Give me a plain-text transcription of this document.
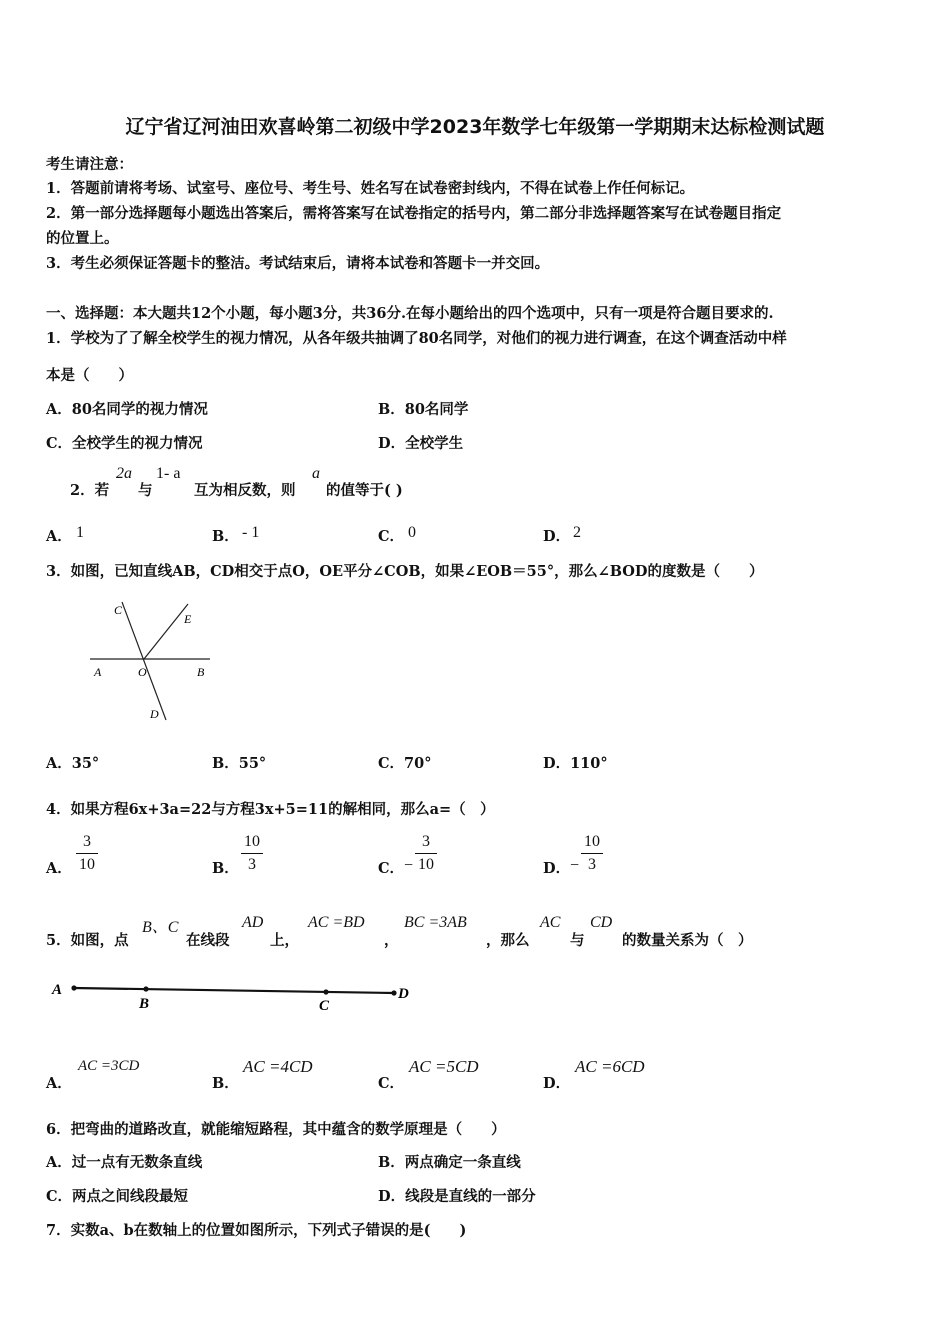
辽宁省辽河油田欢喜岭第二初级中学2023年数学七年级第一学期期末达标检测试题
考生请注意：
1．答题前请将考场、试室号、座位号、考生号、姓名写在试卷密封线内，不得在试卷上作任何标记。
2．第一部分选择题每小题选出答案后，需将答案写在试卷指定的括号内，第二部分非选择题答案写在试卷题目指定
的位置上。
3．考生必须保证答题卡的整洁。考试结束后，请将本试卷和答题卡一并交回。
一、选择题：本大题共12个小题，每小题3分，共36分.在每小题给出的四个选项中，只有一项是符合题目要求的.
1．学校为了了解全校学生的视力情况，从各年级共抽调了80名同学，对他们的视力进行调查，在这个调查活动中样
本是（　　）
A．80名同学的视力情况	B．80名同学
C．全校学生的视力情况	D．全校学生
2．若
2a
与
1- a
互为相反数，则
a
的值等于( )
A． 1	B． - 1	C． 0	D． 2
3．如图，已知直线AB，CD相交于点O，OE平分∠COB，如果∠EOB＝55°，那么∠BOD的度数是（　　）
C
E
A	O	B
D
A．35°	B．55°	C．70°	D．110°
4．如果方程6x+3a=22与方程3x+5=11的解相同，那么a=（　）
A．
3
10	B．
10
3	C． −
3
10	D． −
10
3
5．如图，点
B、C
在线段
AD
上，
AC =BD
，
BC =3AB
，那么
AC
与
CD
的数量关系为（　）
A
B	C
D
A．
AC =3CD
B．
AC =4CD
C．
AC =5CD
D．
AC =6CD
6．把弯曲的道路改直，就能缩短路程，其中蕴含的数学原理是（　　）
A．过一点有无数条直线	B．两点确定一条直线
C．两点之间线段最短	D．线段是直线的一部分
7．实数a、b在数轴上的位置如图所示，下列式子错误的是(　　)
